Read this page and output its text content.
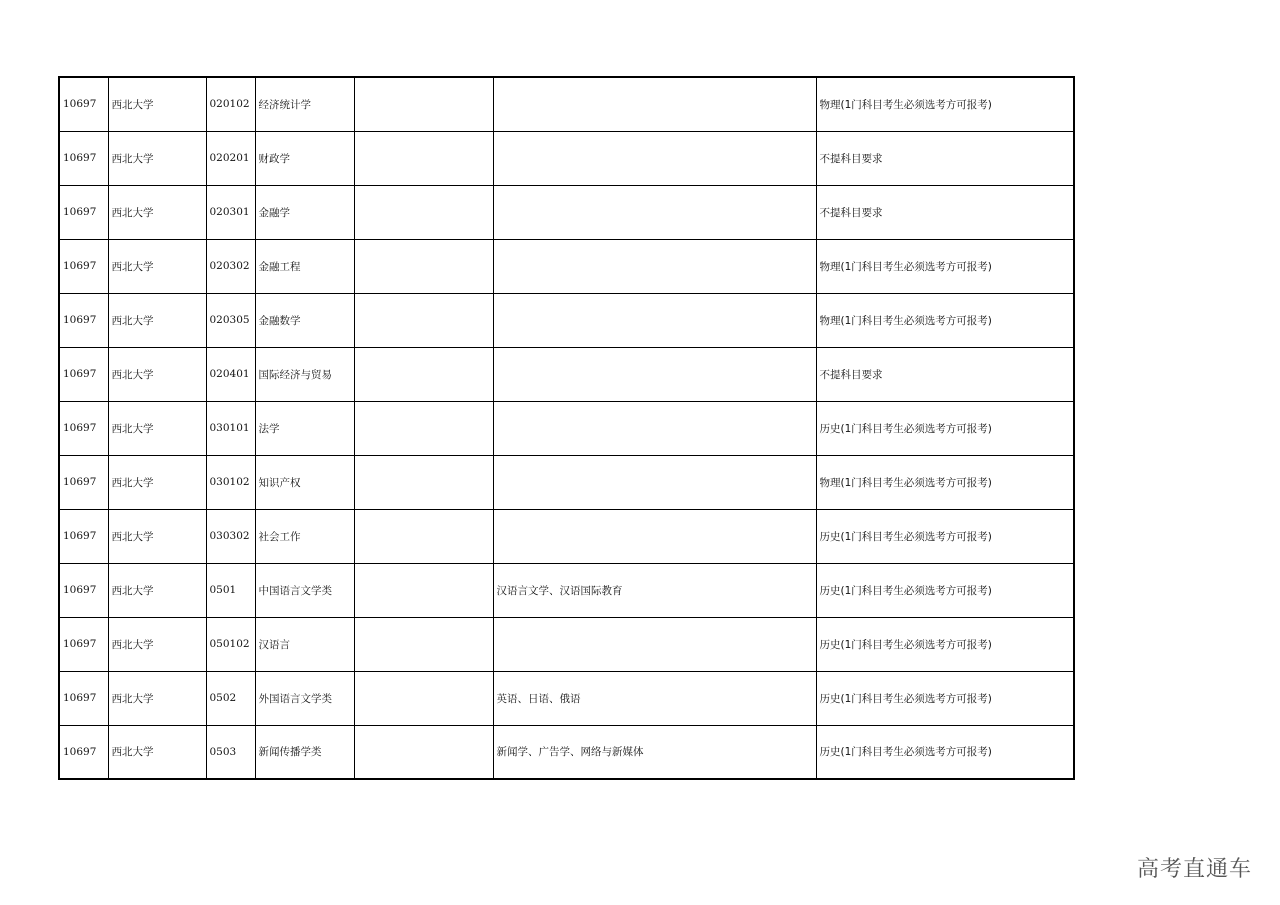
10697	西北大学	020102	经济统计学			物理(1门科目考生必须选考方可报考)
10697	西北大学	020201	财政学			不提科目要求
10697	西北大学	020301	金融学			不提科目要求
10697	西北大学	020302	金融工程			物理(1门科目考生必须选考方可报考)
10697	西北大学	020305	金融数学			物理(1门科目考生必须选考方可报考)
10697	西北大学	020401	国际经济与贸易			不提科目要求
10697	西北大学	030101	法学			历史(1门科目考生必须选考方可报考)
10697	西北大学	030102	知识产权			物理(1门科目考生必须选考方可报考)
10697	西北大学	030302	社会工作			历史(1门科目考生必须选考方可报考)
10697	西北大学	0501	中国语言文学类		汉语言文学、汉语国际教育	历史(1门科目考生必须选考方可报考)
10697	西北大学	050102	汉语言			历史(1门科目考生必须选考方可报考)
10697	西北大学	0502	外国语言文学类		英语、日语、俄语	历史(1门科目考生必须选考方可报考)
10697	西北大学	0503	新闻传播学类		新闻学、广告学、网络与新媒体	历史(1门科目考生必须选考方可报考)
高考直通车
